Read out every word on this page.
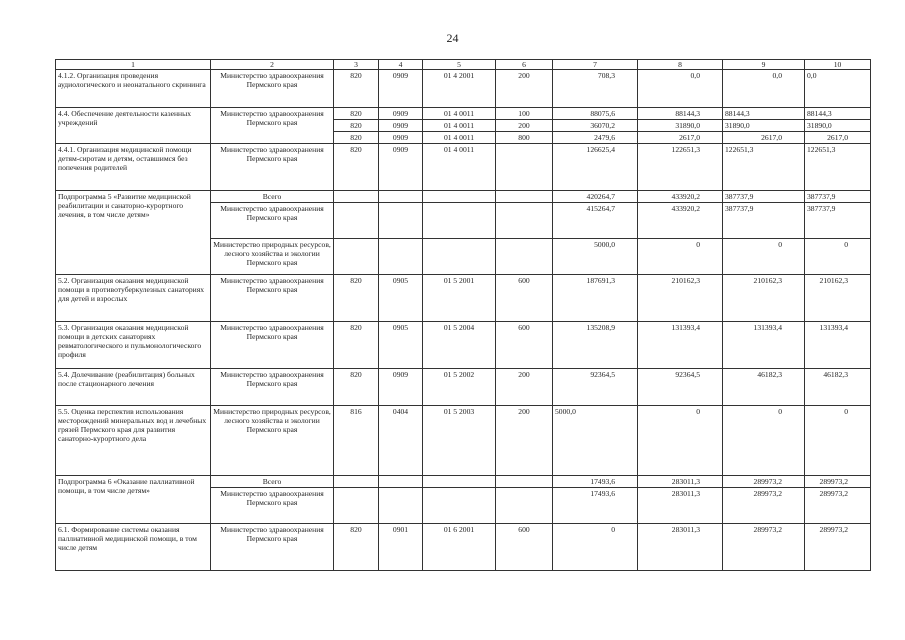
24
1	2	3	4	5	6	7	8	9	10
4.1.2. Организация проведения аудиологического и неонатального скрининга	Министерство здравоохранения Пермского края	820	0909	01 4 2001	200	708,3	0,0	0,0	0,0
4.4. Обеспечение деятельности казенных учреждений	Министерство здравоохранения Пермского края	820	0909	01 4 0011	100	88075,6	88144,3	88144,3	88144,3
		820	0909	01 4 0011	200	36070,2	31890,0	31890,0	31890,0
		820	0909	01 4 0011	800	2479,6	2617,0	2617,0	2617,0
4.4.1. Организация медицинской помощи детям-сиротам и детям, оставшимся без попечения родителей	Министерство здравоохранения Пермского края	820	0909	01 4 0011		126625,4	122651,3	122651,3	122651,3
Подпрограмма 5 «Развитие медицинской реабилитации и санаторно-курортного лечения, в том числе детям»	Всего					420264,7	433920,2	387737,9	387737,9
	Министерство здравоохранения Пермского края					415264,7	433920,2	387737,9	387737,9
	Министерство природных ресурсов, лесного хозяйства и экологии Пермского края					5000,0	0	0	0
5.2. Организация оказания медицинской помощи в противотуберкулезных санаториях для детей и взрослых	Министерство здравоохранения Пермского края	820	0905	01 5 2001	600	187691,3	210162,3	210162,3	210162,3
5.3. Организация оказания медицинской помощи в детских санаториях ревматологического и пульмонологического профиля	Министерство здравоохранения Пермского края	820	0905	01 5 2004	600	135208,9	131393,4	131393,4	131393,4
5.4. Долечивание (реабилитация) больных после стационарного лечения	Министерство здравоохранения Пермского края	820	0909	01 5 2002	200	92364,5	92364,5	46182,3	46182,3
5.5. Оценка перспектив использования месторождений минеральных вод и лечебных грязей Пермского края для развития санаторно-курортного дела	Министерство природных ресурсов, лесного хозяйства и экологии Пермского края	816	0404	01 5 2003	200	5000,0	0	0	0
Подпрограмма 6 «Оказание паллиативной помощи, в том числе детям»	Всего					17493,6	283011,3	289973,2	289973,2
	Министерство здравоохранения Пермского края					17493,6	283011,3	289973,2	289973,2
6.1. Формирование системы оказания паллиативной медицинской помощи, в том числе детям	Министерство здравоохранения Пермского края	820	0901	01 6 2001	600	0	283011,3	289973,2	289973,2
